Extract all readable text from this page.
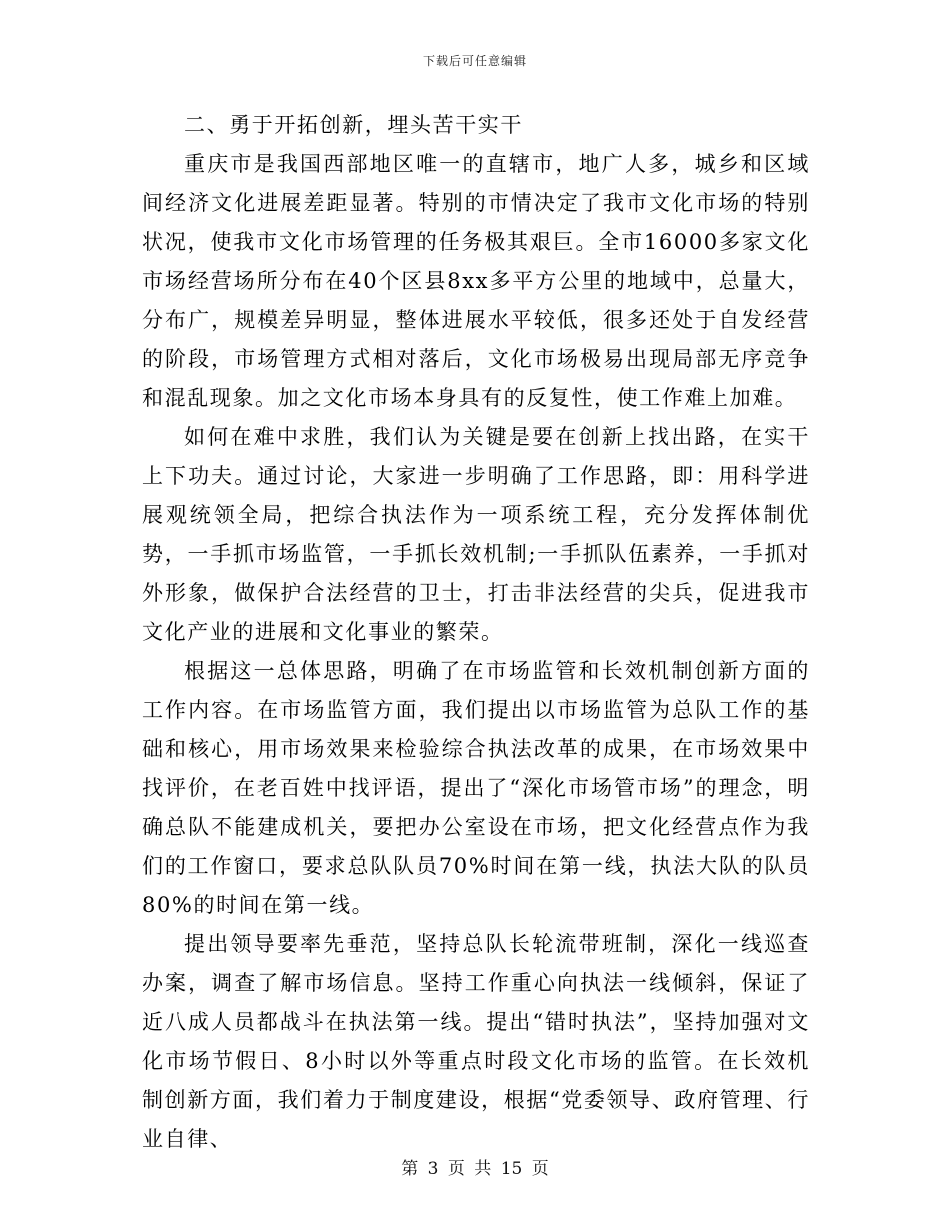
下载后可任意编辑

二、勇于开拓创新，埋头苦干实干

重庆市是我国西部地区唯一的直辖市，地广人多，城乡和区域间经济文化进展差距显著。特别的市情决定了我市文化市场的特别状况，使我市文化市场管理的任务极其艰巨。全市16000多家文化市场经营场所分布在40个区县8xx多平方公里的地域中，总量大，分布广，规模差异明显，整体进展水平较低，很多还处于自发经营的阶段，市场管理方式相对落后，文化市场极易出现局部无序竞争和混乱现象。加之文化市场本身具有的反复性，使工作难上加难。

如何在难中求胜，我们认为关键是要在创新上找出路，在实干上下功夫。通过讨论，大家进一步明确了工作思路，即：用科学进展观统领全局，把综合执法作为一项系统工程，充分发挥体制优势，一手抓市场监管，一手抓长效机制;一手抓队伍素养，一手抓对外形象，做保护合法经营的卫士，打击非法经营的尖兵，促进我市文化产业的进展和文化事业的繁荣。

根据这一总体思路，明确了在市场监管和长效机制创新方面的工作内容。在市场监管方面，我们提出以市场监管为总队工作的基础和核心，用市场效果来检验综合执法改革的成果，在市场效果中找评价，在老百姓中找评语，提出了“深化市场管市场”的理念，明确总队不能建成机关，要把办公室设在市场，把文化经营点作为我们的工作窗口，要求总队队员70%时间在第一线，执法大队的队员80%的时间在第一线。

提出领导要率先垂范，坚持总队长轮流带班制，深化一线巡查办案，调查了解市场信息。坚持工作重心向执法一线倾斜，保证了近八成人员都战斗在执法第一线。提出“错时执法”，坚持加强对文化市场节假日、8小时以外等重点时段文化市场的监管。在长效机制创新方面，我们着力于制度建设，根据“党委领导、政府管理、行业自律、

第 3 页 共 15 页
